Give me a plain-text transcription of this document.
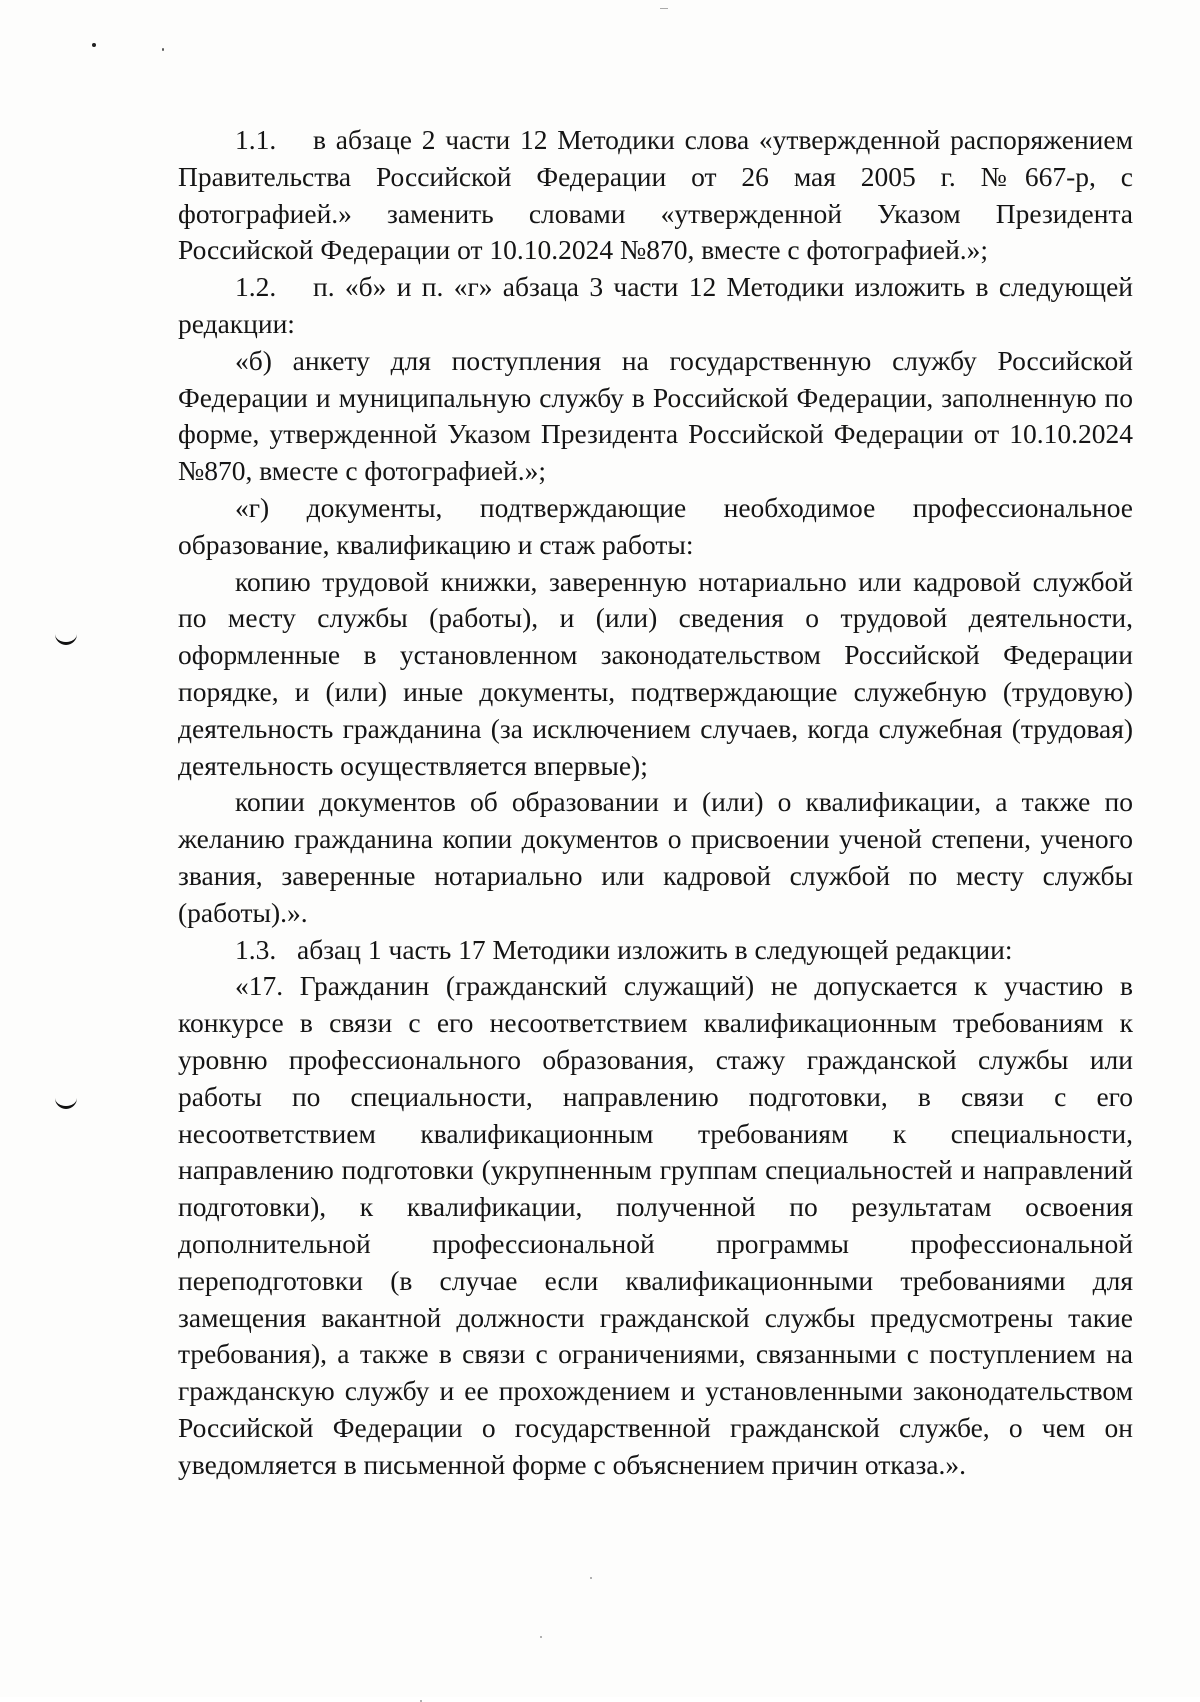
1.1. в абзаце 2 части 12 Методики слова «утвержденной распоряжением Правительства Российской Федерации от 26 мая 2005 г. №667-р, с фотографией.» заменить словами «утвержденной Указом Президента Российской Федерации от 10.10.2024 №870, вместе с фотографией.»;

1.2. п. «б» и п. «г» абзаца 3 части 12 Методики изложить в следующей редакции:

«б) анкету для поступления на государственную службу Российской Федерации и муниципальную службу в Российской Федерации, заполненную по форме, утвержденной Указом Президента Российской Федерации от 10.10.2024 №870, вместе с фотографией.»;

«г) документы, подтверждающие необходимое профессиональное образование, квалификацию и стаж работы:

копию трудовой книжки, заверенную нотариально или кадровой службой по месту службы (работы), и (или) сведения о трудовой деятельности, оформленные в установленном законодательством Российской Федерации порядке, и (или) иные документы, подтверждающие служебную (трудовую) деятельность гражданина (за исключением случаев, когда служебная (трудовая) деятельность осуществляется впервые);

копии документов об образовании и (или) о квалификации, а также по желанию гражданина копии документов о присвоении ученой степени, ученого звания, заверенные нотариально или кадровой службой по месту службы (работы).».

1.3. абзац 1 часть 17 Методики изложить в следующей редакции:

«17. Гражданин (гражданский служащий) не допускается к участию в конкурсе в связи с его несоответствием квалификационным требованиям к уровню профессионального образования, стажу гражданской службы или работы по специальности, направлению подготовки, в связи с его несоответствием квалификационным требованиям к специальности, направлению подготовки (укрупненным группам специальностей и направлений подготовки), к квалификации, полученной по результатам освоения дополнительной профессиональной программы профессиональной переподготовки (в случае если квалификационными требованиями для замещения вакантной должности гражданской службы предусмотрены такие требования), а также в связи с ограничениями, связанными с поступлением на гражданскую службу и ее прохождением и установленными законодательством Российской Федерации о государственной гражданской службе, о чем он уведомляется в письменной форме с объяснением причин отказа.».
